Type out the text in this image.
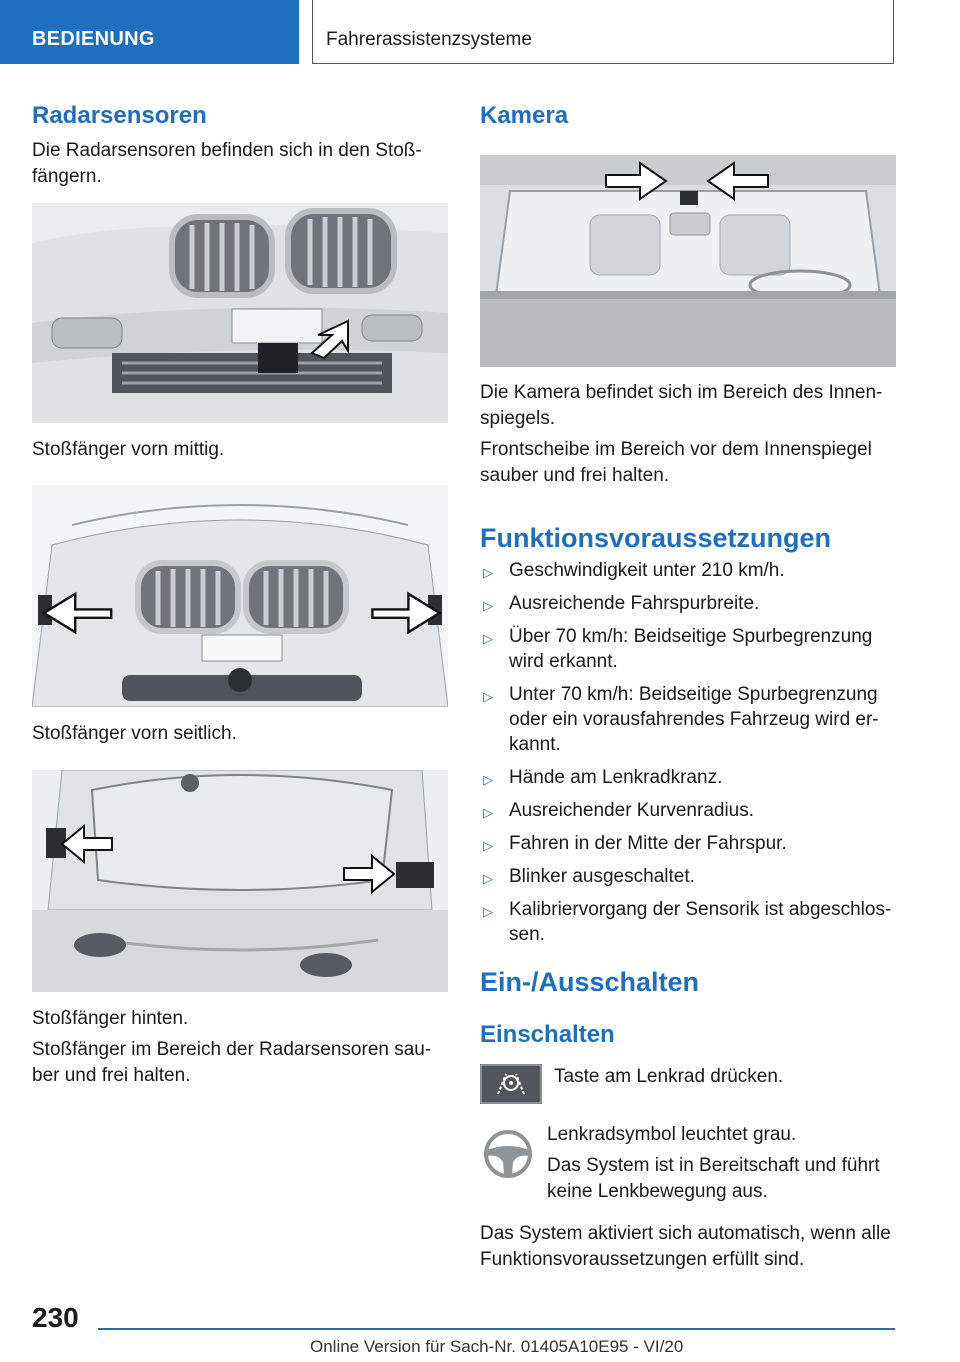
BEDIENUNG	Fahrerassistenzsysteme
Radarsensoren
Die Radarsensoren befinden sich in den Stoß-
fängern.
Stoßfänger vorn mittig.
Stoßfänger vorn seitlich.
Stoßfänger hinten.
Stoßfänger im Bereich der Radarsensoren sau-
ber und frei halten.
Kamera
Die Kamera befindet sich im Bereich des Innen-
spiegels.
Frontscheibe im Bereich vor dem Innenspiegel
sauber und frei halten.
Funktionsvoraussetzungen
▷ Geschwindigkeit unter 210 km/h.
▷ Ausreichende Fahrspurbreite.
▷ Über 70 km/h: Beidseitige Spurbegrenzung
wird erkannt.
▷ Unter 70 km/h: Beidseitige Spurbegrenzung
oder ein vorausfahrendes Fahrzeug wird er-
kannt.
▷ Hände am Lenkradkranz.
▷ Ausreichender Kurvenradius.
▷ Fahren in der Mitte der Fahrspur.
▷ Blinker ausgeschaltet.
▷ Kalibriervorgang der Sensorik ist abgeschlos-
sen.
Ein-/Ausschalten
Einschalten
Taste am Lenkrad drücken.
Lenkradsymbol leuchtet grau.
Das System ist in Bereitschaft und führt
keine Lenkbewegung aus.
Das System aktiviert sich automatisch, wenn alle
Funktionsvoraussetzungen erfüllt sind.
230
Online Version für Sach-Nr. 01405A10E95 - VI/20
